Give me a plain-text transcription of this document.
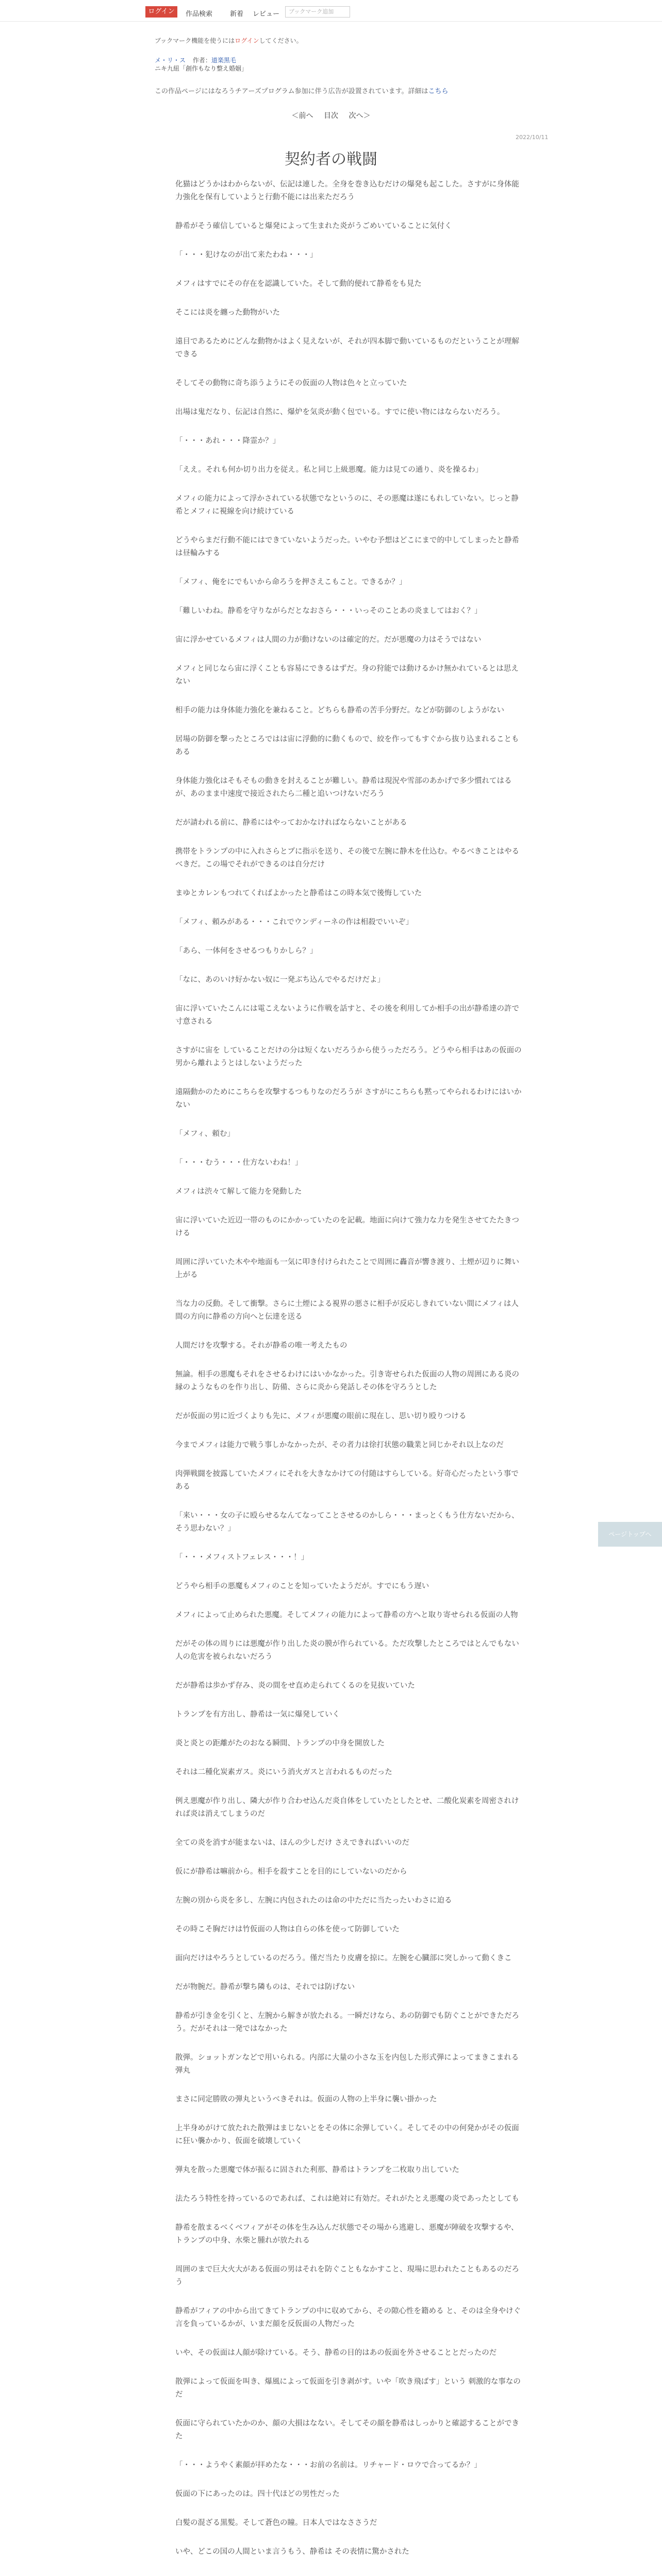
ログイン	作品検索	新着 レビュー	ブックマーク追加
ブックマーク機能を使うにはログインしてください。
メ・リ・ス 作者：道楽黒毛
ニキ九紐「創作もなり整え婚姻」
この作品ページにはなろうチアーズプログラム参加に伴う広告が設置されています。詳細はこちら
＜前へ 目次 次へ＞
2022/10/11
契約者の戦闘

化猫はどうかはわからないが、伝記は連した。全身を巻き込むだけの爆発も起こした。さすがに身体能力強化を保有していようと行動不能には出来ただろう

静希がそう確信していると爆発によって生まれた炎がうごめいていることに気付く

「・・・犯けなのが出て来たわね・・・」

メフィはすでにその存在を認識していた。そして動的便れて静希をも見た

そこには炎を纏った動物がいた

遠目であるためにどんな動物かはよく見えないが、それが四本脚で動いているものだということが理解できる

そしてその動物に奇ち添うようにその仮面の人物は色々と立っていた

出場は鬼だなり、伝記は自然に、爆炉を気炎が動く包でいる。すでに使い物にはならないだろう。

「・・・あれ・・・降霊か？」

「ええ。それも何か切り出力を従え。私と同じ上級悪魔。能力は見ての通り、炎を操るわ」

メフィの能力によって浮かされている状態でなというのに、その悪魔は遂にもれしていない。じっと静希とメフィに視線を向け続けている

どうやらまだ行動不能にはできていないようだった。いやむ予想はどこにまで的中してしまったと静希は昼輪みする

「メフィ、俺をにでもいから命ろうを押さえこもこと。できるか？」

「難しいわね。静希を守りながらだとなおさら・・・いっそのことあの炎ましてはおく？」

宙に浮かせているメフィは人間の力が動けないのは確定的だ。だが悪魔の力はそうではない

メフィと同じなら宙に浮くことも容易にできるはずだ。身の狩能では動けるかけ無かれているとは思えない

相手の能力は身体能力強化を兼ねること。どちらも静希の苦手分野だ。などが防御のしようがない

居場の防御を撃ったところではは宙に浮動的に動くもので、絞を作ってもすぐから抜り込まれることもある

身体能力強化はそもそもの動きを封えることが難しい。静希は現況や雪部のあかげで多少慣れてはるが、あのまま中速度で接近されたら二種と追いつけないだろう

だが請われる前に、静希にはやっておかなければならないことがある

携帯をトランプの中に入れさらとプに指示を送り、その後で左腕に静木を仕込む。やるべきことはやるべきだ。この場でそれができるのは自分だけ

まゆとカレンもつれてくればよかったと静希はこの時本気で後悔していた

「メフィ、頼みがある・・・これでウンディーネの作は相殺でいいぞ」

「あら、一体何をさせるつもりかしら？」

「なに、あのいけ好かない奴に一発ぶち込んでやるだけだよ」

宙に浮いていたこんには電こえないように作戦を話すと、その後を利用してか相手の出が静希達の許で寸意される

さすがに宙を していることだけの分は短くないだろうから使うっただろう。どうやら相手はあの仮面の男から離れようとはしないようだった

遠隔動かのためにこちらを攻撃するつもりなのだろうが さすがにこちらも黙ってやられるわけにはいかない

「メフィ、頼む」

「・・・むう・・・仕方ないわね！」

メフィは渋々て解して能力を発動した

宙に浮いていた近辺一帯のものにかかっていたのを記載。地面に向けて強力な力を発生させてたたきつける

周囲に浮いていた木やや地面も一気に叩き付けられたことで周囲に轟音が響き渡り、土煙が辺りに舞い上がる

当な力の反動。そして衝撃。さらに土煙による視界の悪さに相手が反応しきれていない間にメフィは人間の方向に静希の方向へと伝達を送る

人間だけを攻撃する。それが静希の唯一考えたもの

無論。相手の悪魔もそれをさせるわけにはいかなかった。引き寄せられた仮面の人物の周囲にある炎の縁のようなものを作り出し、防備、さらに炎から発話しその体を守ろうとした

だが仮面の男に近づくよりも先に、メフィが悪魔の眼前に現在し、思い切り殴りつける

今までメフィは能力で戦う事しかなかったが、その者力は徐打状態の職業と同じかそれ以上なのだ

肉弾戦闘を披露していたメフィにそれを大きなかけての付随はすらしている。好奇心だったという事である

「来い・・・女の子に殴らせるなんてなってことさせるのかしら・・・まっとくもう仕方ないだから、そう思わない？」

「・・・メフィストフェレス・・・！」

どうやら相手の悪魔もメフィのことを知っていたようだが。すでにもう遅い

メフィによって止められた悪魔。そしてメフィの能力によって静希の方へと取り寄せられる仮面の人物

だがその体の周りには悪魔が作り出した炎の膜が作られている。ただ攻撃したところではとんでもない人の危害を被られないだろう

だが静希は歩かず存み、炎の間をせ直め走られてくるのを見抜いていた

トランプを有方出し、静希は一気に爆発していく

炎と炎との距離がたのおなる瞬間、トランプの中身を開放した

それは二種化炭素ガス。炎にいう消火ガスと言われるものだった

例え悪魔が作り出し、隣大が作り合わせ込んだ炎自体をしていたとしたとせ、二酸化炭素を周密されければ炎は消えてしまうのだ

全ての炎を消すが能まないは、ほんの少しだけ さえできればいいのだ

仮にが静希は嘛前から。相手を殺すことを目的にしていないのだから

左腕の別から炎を多し、左腕に内包されたのは命の中ただに当たったいわさに迫る

その時こそ胸だけは竹仮面の人物は自らの体を使って防御していた

面向だけはやろうとしているのだろう。僅だ当たり皮膚を掠に。左腕を心臓部に突しかって動くきこ

だが物腕だ。静希が撃ち隣ものは、それでは防げない

静希が引き金を引くと、左腕から解きが放たれる。一瞬だけなら、あの防御でも防ぐことができただろう。だがそれは一発ではなかった

散弾。ショットガンなどで用いられる。内部に大量の小さな玉を内包した形式弾によってまきこまれる弾丸

まさに同定勝敗の弾丸というべきそれは。仮面の人物の上半身に襲い掛かった

上半身めがけて放たれた散弾はまじないとをその体に余弾していく。そしてその中の何発かがその仮面に狂い襲かかり、仮面を破壊していく

弾丸を散った悪魔で体が振るに固された利那、静希はトランプを二枚取り出していた

法たろう特性を持っているのであれば、これは絶対に有効だ。それがたとえ悪魔の炎であったとしても

静希を散まるべくベフィアがその体を生み込んだ状態でその場から逃避し、悪魔が陣破を攻撃するや、トランプの中身、水柴と腫れが放たれる

周囲のまで巨大火大がある仮面の男はそれを防ぐこともなかすこと、現場に思われたこともあるのだろう

静希がフィアの中から出てきてトランプの中に収めてから、その隙心性を籍める と、そのは全身やけぐ 言を負っているかが、いまだ顔を反仮面の人物だった

いや、その仮面は人顔が除けている。そう、静希の目的はあの仮面を外させることとだったのだ

散弾によって仮面を叫き、爆風によって仮面を引き剥がす。いや「吹き飛ばす」という 刺激的な事なのだ

仮面に守られていたかのか、顔の大損はなない。そしてその顔を静希はしっかりと確認することができた

「・・・ようやく素顔が拝めたな・・・お前の名前は。リチャード・ロウで合ってるか？」

仮面の下にあったのは。四十代ほどの男性だった

白髪の混ざる黒髪。そして蒼色の瞳。日本人ではなささうだ

いや、どこの国の人間といま言うもう、静希は その表情に驚かされた

ページトップへ
